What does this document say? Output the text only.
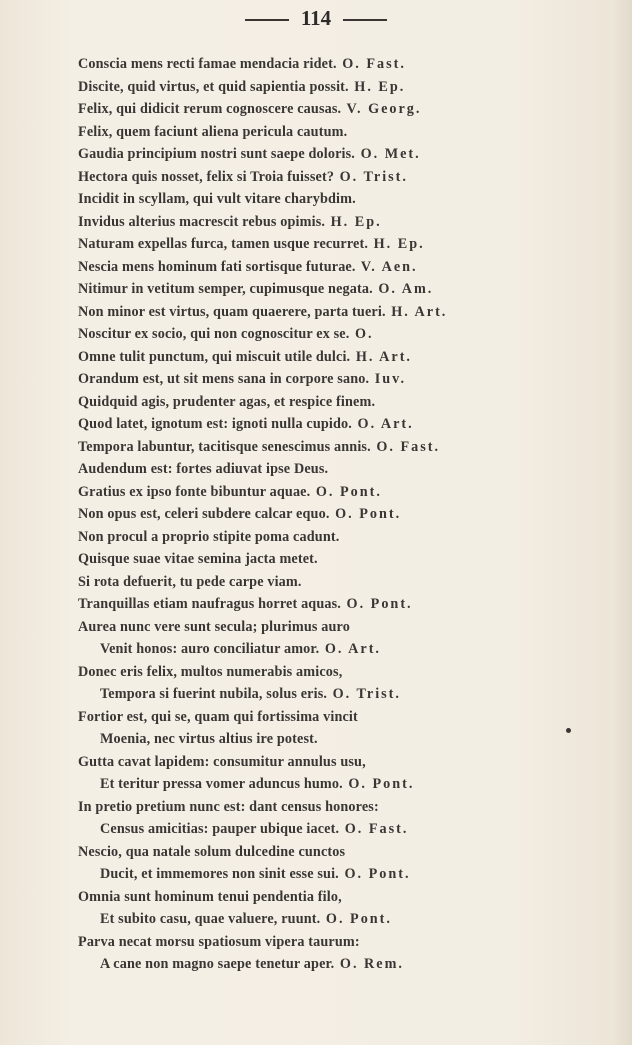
114
Conscia mens recti famae mendacia ridet. O. Fast.
Discite, quid virtus, et quid sapientia possit. H. Ep.
Felix, qui didicit rerum cognoscere causas. V. Georg.
Felix, quem faciunt aliena pericula cautum.
Gaudia principium nostri sunt saepe doloris. O. Met.
Hectora quis nosset, felix si Troia fuisset? O. Trist.
Incidit in scyllam, qui vult vitare charybdim.
Invidus alterius macrescit rebus opimis. H. Ep.
Naturam expellas furca, tamen usque recurret. H. Ep.
Nescia mens hominum fati sortisque futurae. V. Aen.
Nitimur in vetitum semper, cupimusque negata. O. Am.
Non minor est virtus, quam quaerere, parta tueri. H. Art.
Noscitur ex socio, qui non cognoscitur ex se. O.
Omne tulit punctum, qui miscuit utile dulci. H. Art.
Orandum est, ut sit mens sana in corpore sano. Iuv.
Quidquid agis, prudenter agas, et respice finem.
Quod latet, ignotum est: ignoti nulla cupido. O. Art.
Tempora labuntur, tacitisque senescimus annis. O. Fast.
Audendum est: fortes adiuvat ipse Deus.
Gratius ex ipso fonte bibuntur aquae. O. Pont.
Non opus est, celeri subdere calcar equo. O. Pont.
Non procul a proprio stipite poma cadunt.
Quisque suae vitae semina jacta metet.
Si rota defuerit, tu pede carpe viam.
Tranquillas etiam naufragus horret aquas. O. Pont.
Aurea nunc vere sunt secula; plurimus auro
Venit honos: auro conciliatur amor. O. Art.
Donec eris felix, multos numerabis amicos,
Tempora si fuerint nubila, solus eris. O. Trist.
Fortior est, qui se, quam qui fortissima vincit
Moenia, nec virtus altius ire potest.
Gutta cavat lapidem: consumitur annulus usu,
Et teritur pressa vomer aduncus humo. O. Pont.
In pretio pretium nunc est: dant census honores:
Census amicitias: pauper ubique iacet. O. Fast.
Nescio, qua natale solum dulcedine cunctos
Ducit, et immemores non sinit esse sui. O. Pont.
Omnia sunt hominum tenui pendentia filo,
Et subito casu, quae valuere, ruunt. O. Pont.
Parva necat morsu spatiosum vipera taurum:
A cane non magno saepe tenetur aper. O. Rem.
